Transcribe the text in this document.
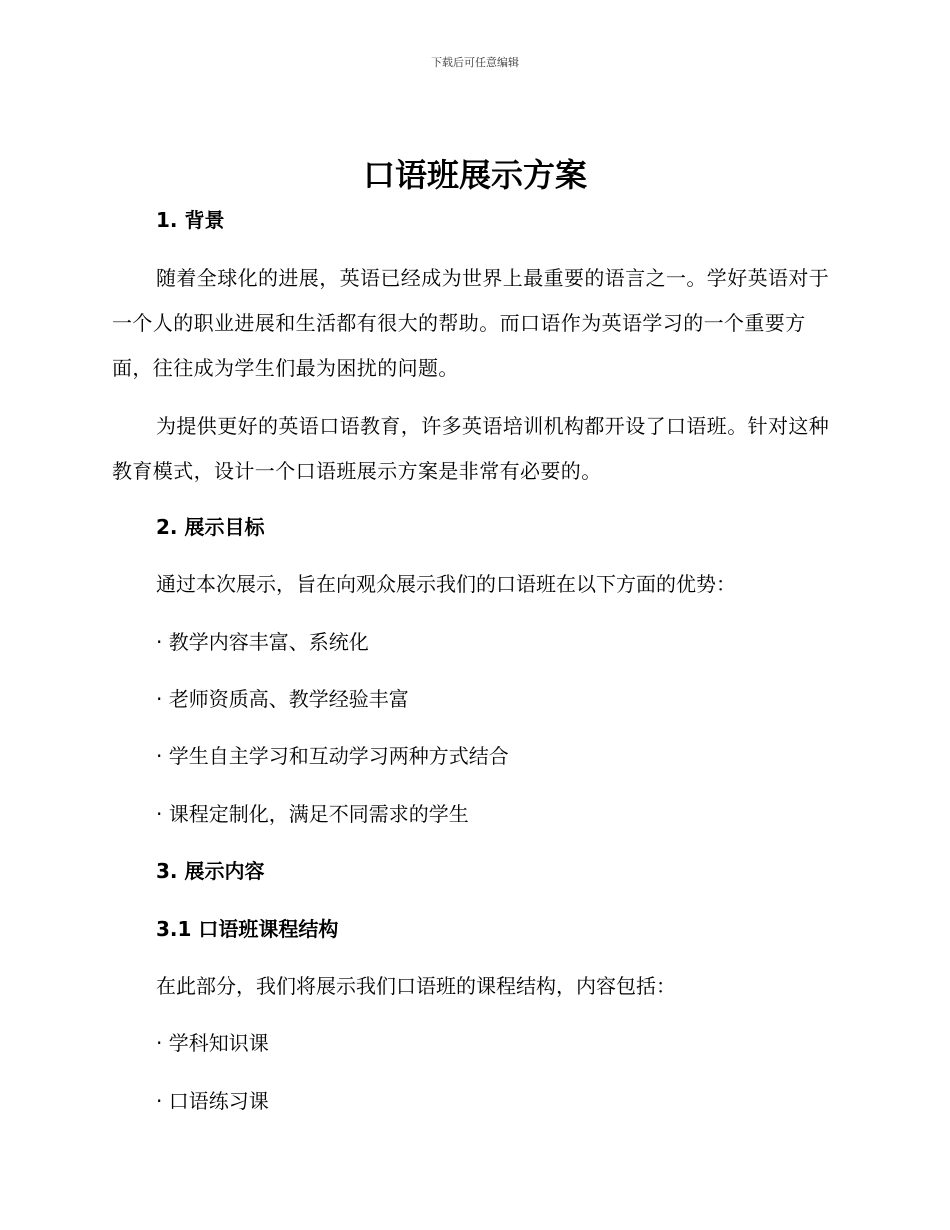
下载后可任意编辑
口语班展示方案

1. 背景

随着全球化的进展，英语已经成为世界上最重要的语言之一。学好英语对于一个人的职业进展和生活都有很大的帮助。而口语作为英语学习的一个重要方面，往往成为学生们最为困扰的问题。

为提供更好的英语口语教育，许多英语培训机构都开设了口语班。针对这种教育模式，设计一个口语班展示方案是非常有必要的。

2. 展示目标

通过本次展示，旨在向观众展示我们的口语班在以下方面的优势：

· 教学内容丰富、系统化

· 老师资质高、教学经验丰富

· 学生自主学习和互动学习两种方式结合

· 课程定制化，满足不同需求的学生

3. 展示内容

3.1 口语班课程结构

在此部分，我们将展示我们口语班的课程结构，内容包括：

· 学科知识课

· 口语练习课
